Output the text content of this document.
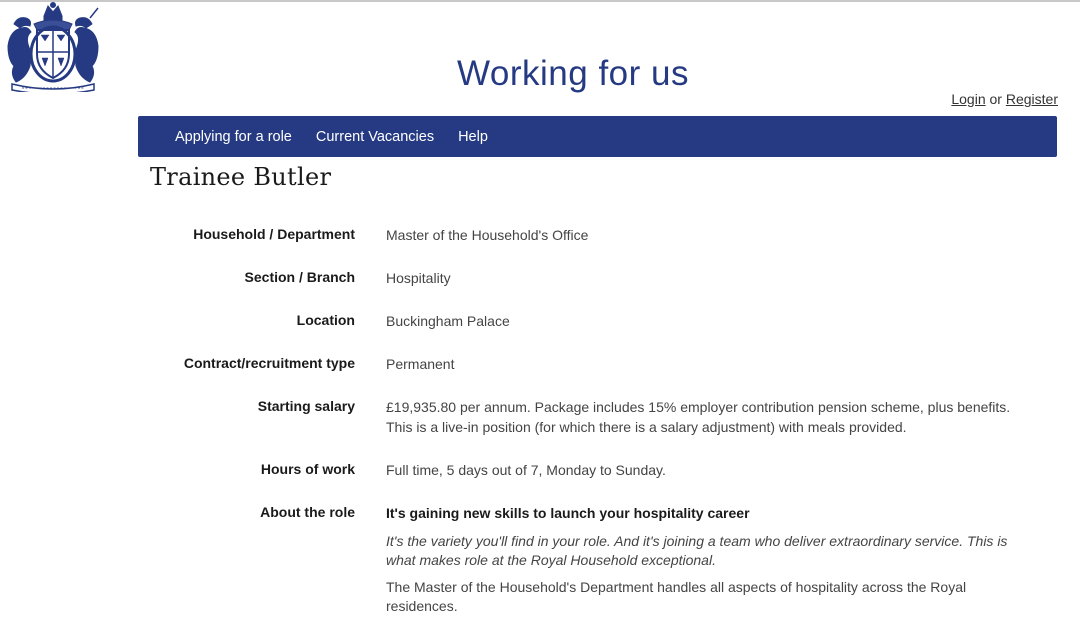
Working for us
Login or Register
Applying for a role Current Vacancies Help
Trainee Butler
Household / Department Master of the Household's Office
Section / Branch Hospitality
Location Buckingham Palace
Contract/recruitment type Permanent
Starting salary £19,935.80 per annum. Package includes 15% employer contribution pension scheme, plus benefits. This is a live-in position (for which there is a salary adjustment) with meals provided.
Hours of work Full time, 5 days out of 7, Monday to Sunday.
About the role It's gaining new skills to launch your hospitality career

It's the variety you'll find in your role. And it's joining a team who deliver extraordinary service. This is what makes role at the Royal Household exceptional.

The Master of the Household's Department handles all aspects of hospitality across the Royal residences.
